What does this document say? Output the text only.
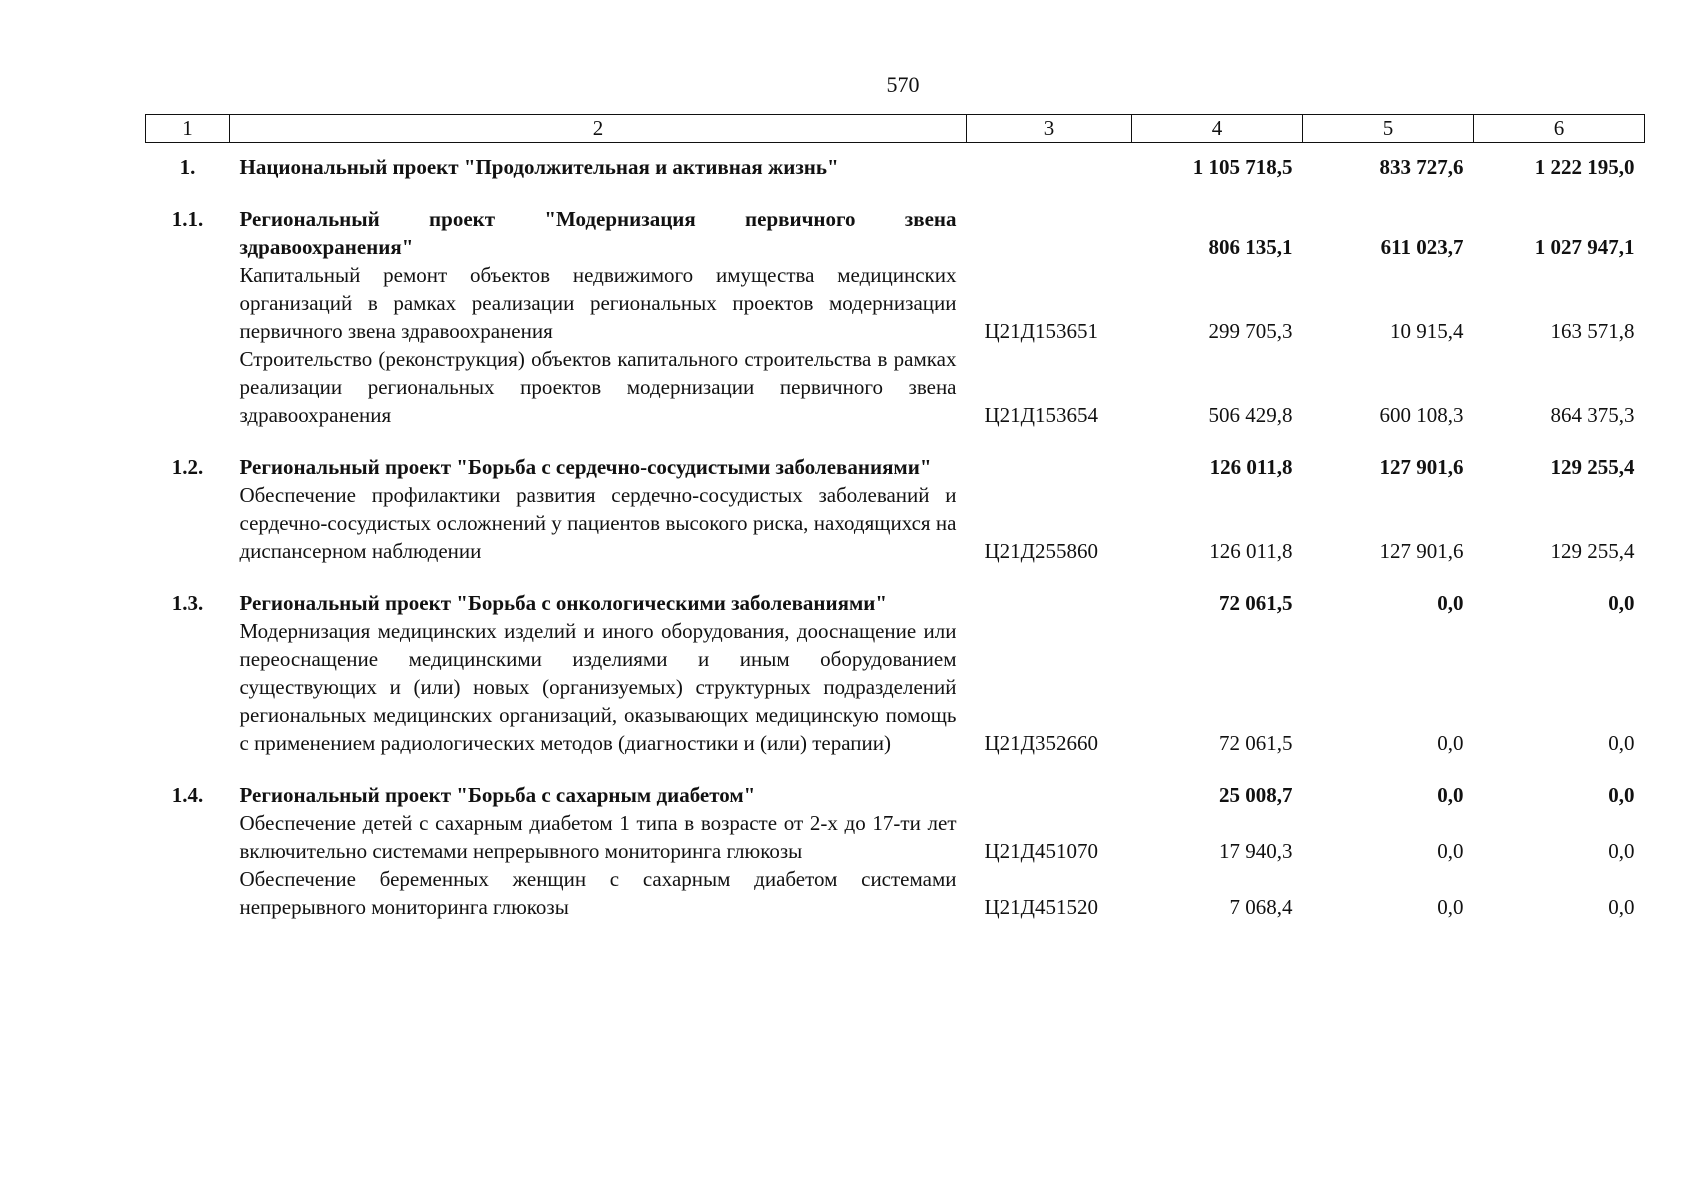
570
1	2	3	4	5	6

1.	Национальный проект "Продолжительная и активная жизнь"		1 105 718,5	833 727,6	1 222 195,0

1.1.	Региональный проект "Модернизация первичного звена здравоохранения"		806 135,1	611 023,7	1 027 947,1
	Капитальный ремонт объектов недвижимого имущества медицинских организаций в рамках реализации региональных проектов модернизации первичного звена здравоохранения	Ц21Д153651	299 705,3	10 915,4	163 571,8
	Строительство (реконструкция) объектов капитального строительства в рамках реализации региональных проектов модернизации первичного звена здравоохранения	Ц21Д153654	506 429,8	600 108,3	864 375,3

1.2.	Региональный проект "Борьба с сердечно-сосудистыми заболеваниями"		126 011,8	127 901,6	129 255,4
	Обеспечение профилактики развития сердечно-сосудистых заболеваний и сердечно-сосудистых осложнений у пациентов высокого риска, находящихся на диспансерном наблюдении	Ц21Д255860	126 011,8	127 901,6	129 255,4

1.3.	Региональный проект "Борьба с онкологическими заболеваниями"		72 061,5	0,0	0,0
	Модернизация медицинских изделий и иного оборудования, дооснащение или переоснащение медицинскими изделиями и иным оборудованием существующих и (или) новых (организуемых) структурных подразделений региональных медицинских организаций, оказывающих медицинскую помощь с применением радиологических методов (диагностики и (или) терапии)	Ц21Д352660	72 061,5	0,0	0,0

1.4.	Региональный проект "Борьба с сахарным диабетом"		25 008,7	0,0	0,0
	Обеспечение детей с сахарным диабетом 1 типа в возрасте от 2-х до 17-ти лет включительно системами непрерывного мониторинга глюкозы	Ц21Д451070	17 940,3	0,0	0,0
	Обеспечение беременных женщин с сахарным диабетом системами непрерывного мониторинга глюкозы	Ц21Д451520	7 068,4	0,0	0,0
